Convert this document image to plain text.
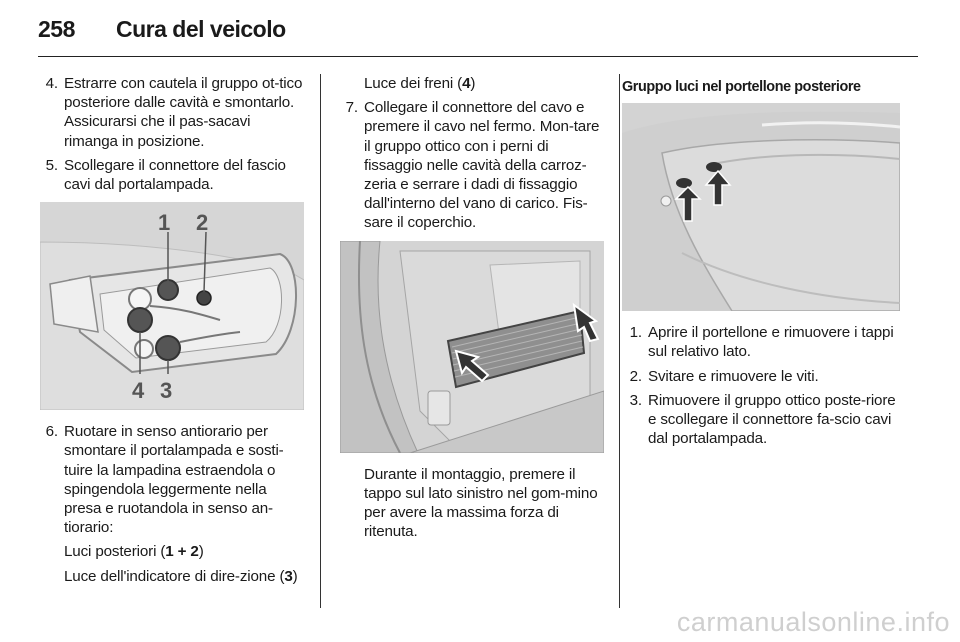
258 Cura del veicolo
4. Estrarre con cautela il gruppo ot-tico posteriore dalle cavità e smontarlo. Assicurarsi che il pas-sacavi rimanga in posizione.
5. Scollegare il connettore del fascio cavi dal portalampada.
1 2
4 3
6. Ruotare in senso antiorario per smontare il portalampada e sosti-tuire la lampadina estraendola o spingendola leggermente nella presa e ruotandola in senso an-tiorario:
Luci posteriori (1 + 2)
Luce dell'indicatore di dire-zione (3)
Luce dei freni (4)
7. Collegare il connettore del cavo e premere il cavo nel fermo. Mon-tare il gruppo ottico con i perni di fissaggio nelle cavità della carroz-zeria e serrare i dadi di fissaggio dall'interno del vano di carico. Fis-sare il coperchio.
Durante il montaggio, premere il tappo sul lato sinistro nel gom-mino per avere la massima forza di ritenuta.
Gruppo luci nel portellone posteriore
1. Aprire il portellone e rimuovere i tappi sul relativo lato.
2. Svitare e rimuovere le viti.
3. Rimuovere il gruppo ottico poste-riore e scollegare il connettore fa-scio cavi dal portalampada.
carmanualsonline.info
